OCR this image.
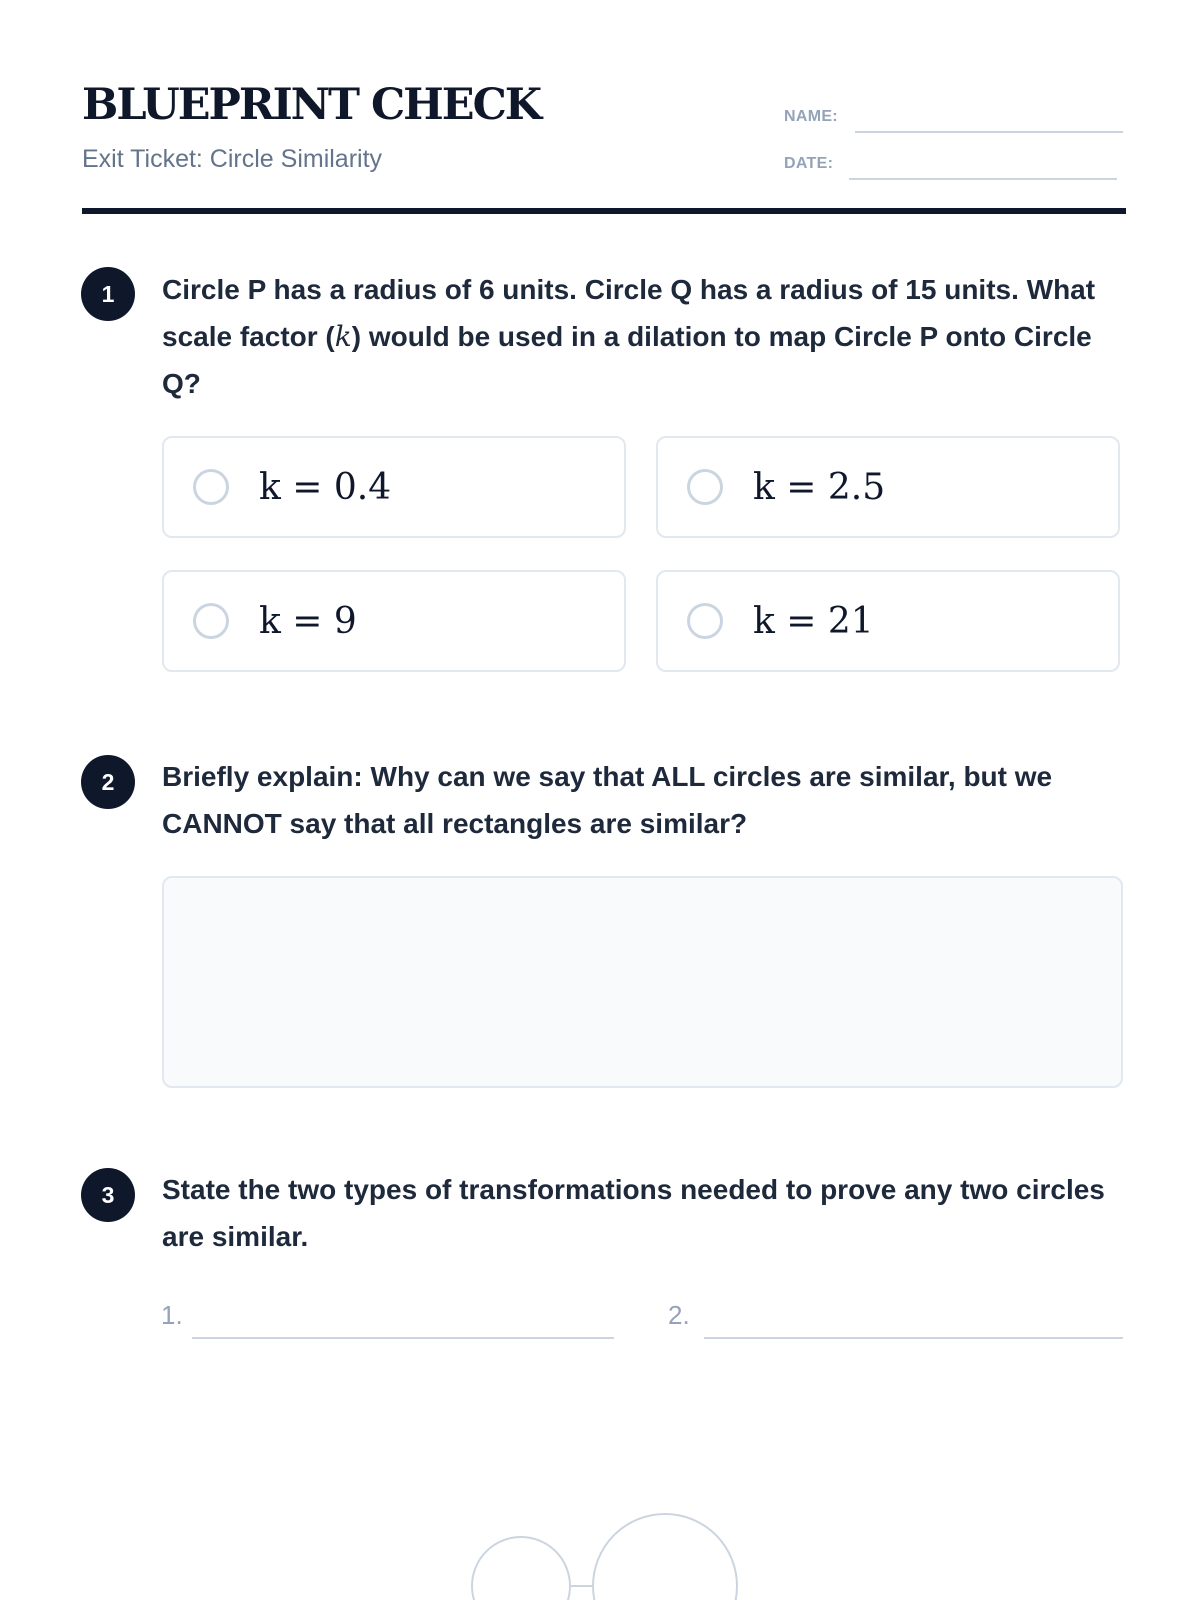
BLUEPRINT CHECK
Exit Ticket: Circle Similarity
NAME:
DATE:
1	Circle P has a radius of 6 units. Circle Q has a radius of 15 units. What scale factor (k) would be used in a dilation to map Circle P onto Circle Q?
k = 0.4	k = 2.5
k = 9	k = 21
2	Briefly explain: Why can we say that ALL circles are similar, but we CANNOT say that all rectangles are similar?
3	State the two types of transformations needed to prove any two circles are similar.
1.	2.
